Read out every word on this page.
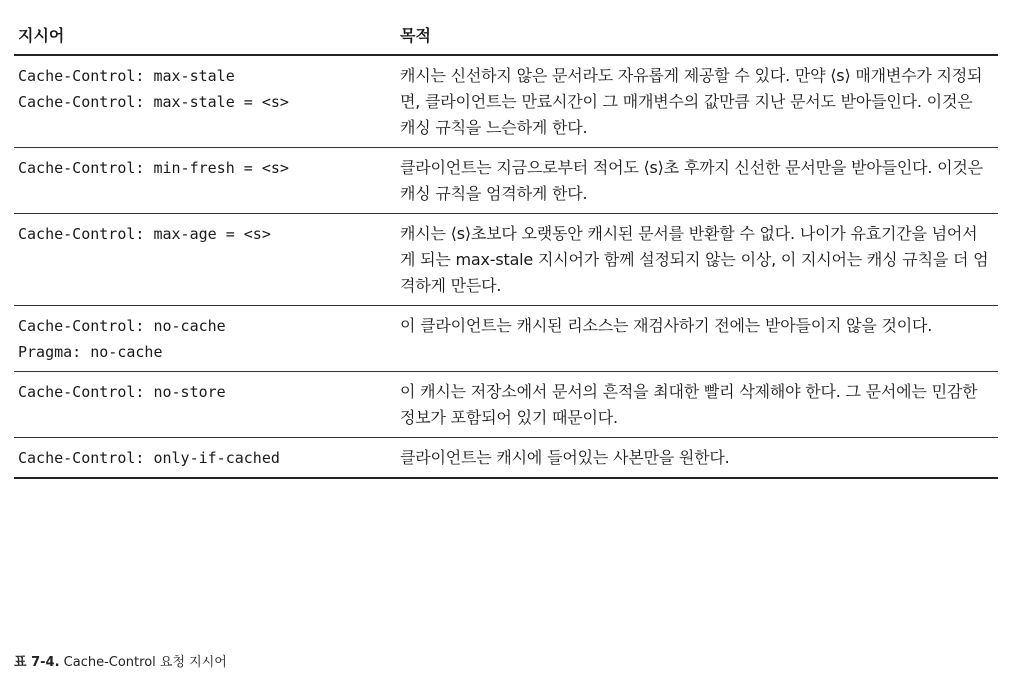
지시어	목적

Cache-Control: max-stale
Cache-Control: max-stale = <s>	캐시는 신선하지 않은 문서라도 자유롭게 제공할 수 있다. 만약 ⟨s⟩ 매개변수가 지정되면, 클라이언트는 만료시간이 그 매개변수의 값만큼 지난 문서도 받아들인다. 이것은 캐싱 규칙을 느슨하게 한다.

Cache-Control: min-fresh = <s>	클라이언트는 지금으로부터 적어도 ⟨s⟩초 후까지 신선한 문서만을 받아들인다. 이것은 캐싱 규칙을 엄격하게 한다.

Cache-Control: max-age = <s>	캐시는 ⟨s⟩초보다 오랫동안 캐시된 문서를 반환할 수 없다. 나이가 유효기간을 넘어서게 되는 max-stale 지시어가 함께 설정되지 않는 이상, 이 지시어는 캐싱 규칙을 더 엄격하게 만든다.

Cache-Control: no-cache
Pragma: no-cache	이 클라이언트는 캐시된 리소스는 재검사하기 전에는 받아들이지 않을 것이다.

Cache-Control: no-store	이 캐시는 저장소에서 문서의 흔적을 최대한 빨리 삭제해야 한다. 그 문서에는 민감한 정보가 포함되어 있기 때문이다.

Cache-Control: only-if-cached	클라이언트는 캐시에 들어있는 사본만을 원한다.
표 7-4. Cache-Control 요청 지시어
